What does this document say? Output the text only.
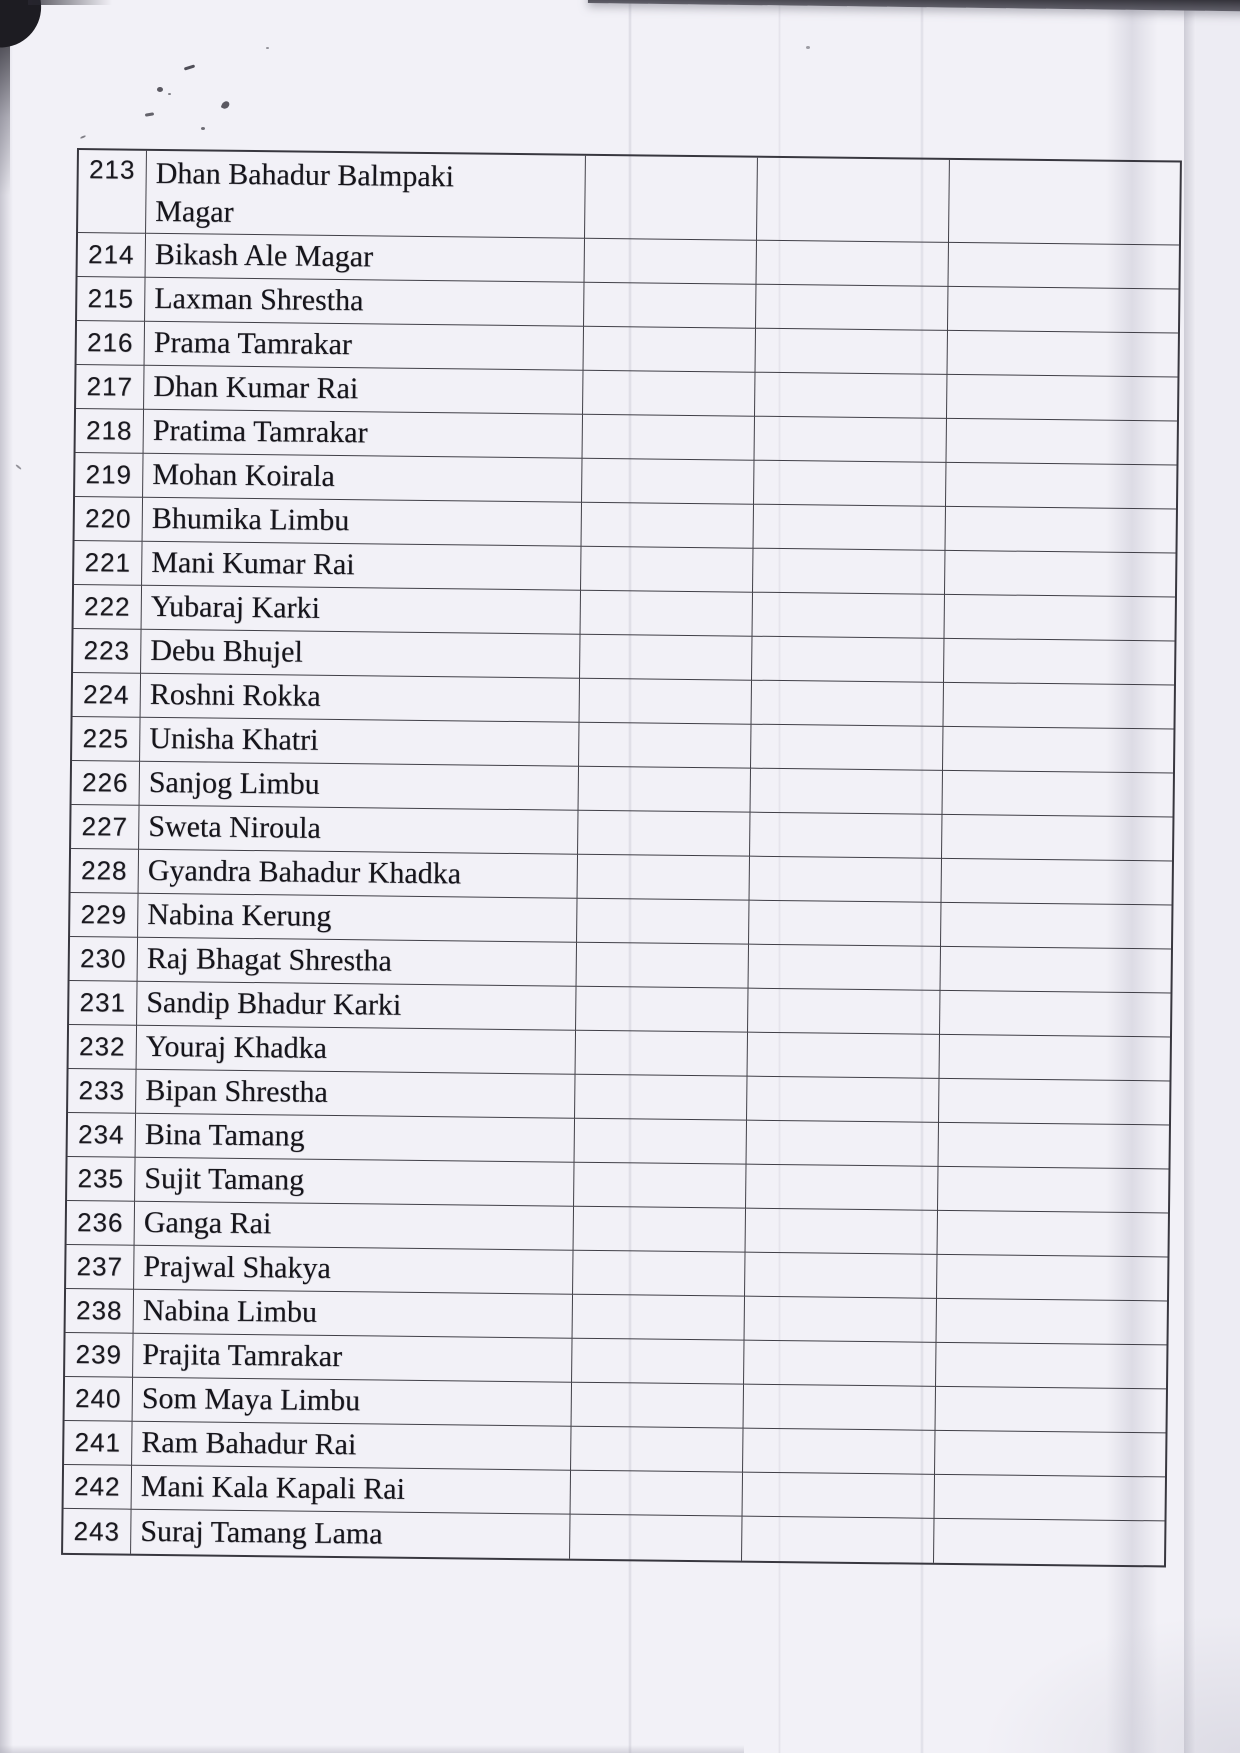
213 Dhan Bahadur Balmpaki
Magar
214 Bikash Ale Magar
215 Laxman Shrestha
216 Prama Tamrakar
217 Dhan Kumar Rai
218 Pratima Tamrakar
219 Mohan Koirala
220 Bhumika Limbu
221 Mani Kumar Rai
222 Yubaraj Karki
223 Debu Bhujel
224 Roshni Rokka
225 Unisha Khatri
226 Sanjog Limbu
227 Sweta Niroula
228 Gyandra Bahadur Khadka
229 Nabina Kerung
230 Raj Bhagat Shrestha
231 Sandip Bhadur Karki
232 Youraj Khadka
233 Bipan Shrestha
234 Bina Tamang
235 Sujit Tamang
236 Ganga Rai
237 Prajwal Shakya
238 Nabina Limbu
239 Prajita Tamrakar
240 Som Maya Limbu
241 Ram Bahadur Rai
242 Mani Kala Kapali Rai
243 Suraj Tamang Lama
